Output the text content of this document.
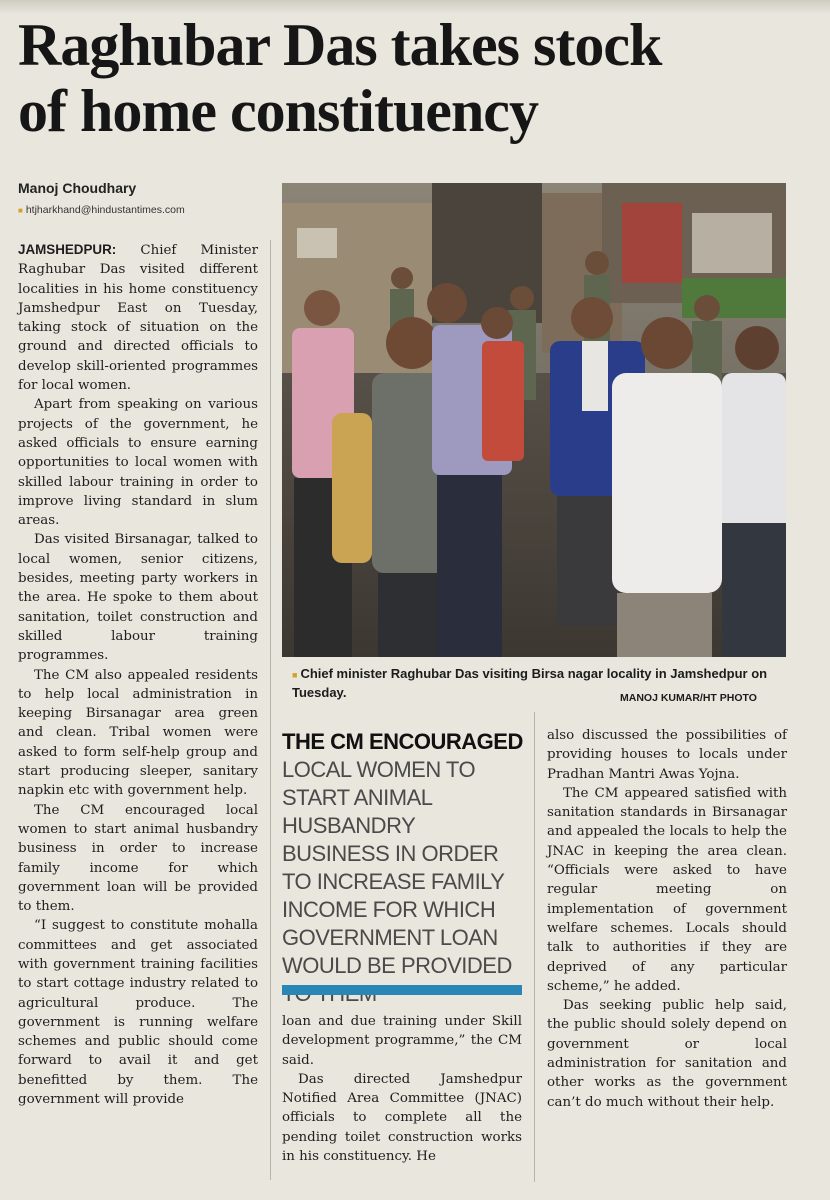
Raghubar Das takes stock
of home constituency
Manoj Choudhary
■ htjharkhand@hindustantimes.com

JAMSHEDPUR: Chief Minister Raghubar Das visited different localities in his home constituency Jamshedpur East on Tuesday, taking stock of situation on the ground and directed officials to develop skill-oriented programmes for local women.

Apart from speaking on various projects of the government, he asked officials to ensure earning opportunities to local women with skilled labour training in order to improve living standard in slum areas.

Das visited Birsanagar, talked to local women, senior citizens, besides, meeting party workers in the area. He spoke to them about sanitation, toilet construction and skilled labour training programmes.

The CM also appealed residents to help local administration in keeping Birsanagar area green and clean. Tribal women were asked to form self-help group and start producing sleeper, sanitary napkin etc with government help.

The CM encouraged local women to start animal husbandry business in order to increase family income for which government loan will be provided to them.

“I suggest to constitute mohalla committees and get associated with government training facilities to start cottage industry related to agricultural produce. The government is running welfare schemes and public should come forward to avail it and get benefitted by them. The government will provide

■ Chief minister Raghubar Das visiting Birsa nagar locality in Jamshedpur on Tuesday.	MANOJ KUMAR/HT PHOTO
THE CM ENCOURAGED
LOCAL WOMEN TO START ANIMAL HUSBANDRY BUSINESS IN ORDER TO INCREASE FAMILY INCOME FOR WHICH GOVERNMENT LOAN WOULD BE PROVIDED

loan and due training under Skill development programme,” the CM said.

Das directed Jamshedpur Notified Area Committee (JNAC) officials to complete all the pending toilet construction works in his constituency. He

also discussed the possibilities of providing houses to locals under Pradhan Mantri Awas Yojna.

The CM appeared satisfied with sanitation standards in Birsanagar and appealed the locals to help the JNAC in keeping the area clean. “Officials were asked to have regular meeting on implementation of government welfare schemes. Locals should talk to authorities if they are deprived of any particular scheme,” he added.

Das seeking public help said, the public should solely depend on government or local administration for sanitation and other works as the government can’t do much without their help.
